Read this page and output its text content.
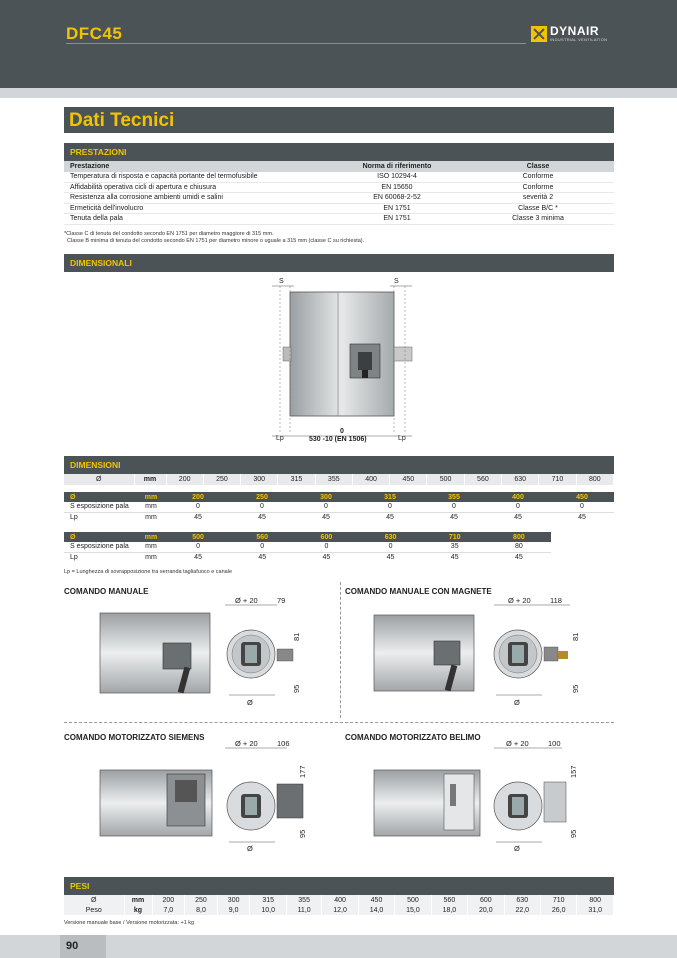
DFC45	DYNAIR
INDUSTRIAL VENTILATION
Dati Tecnici
PRESTAZIONI
Prestazione	Norma di riferimento	Classe
Temperatura di risposta e capacità portante del termofusibile	ISO 10294-4	Conforme
Affidabilità operativa cicli di apertura e chiusura	EN 15650	Conforme
Resistenza alla corrosione ambienti umidi e salini	EN 60068-2-52	severità 2
Ermeticità dell'involucro	EN 1751	Classe B/C *
Tenuta della pala	EN 1751	Classe 3 minima
*Classe C di tenuta del condotto secondo EN 1751 per diametro maggiore di 315 mm.
Classe B minima di tenuta del condotto secondo EN 1751 per diametro minore o uguale a 315 mm (classe C su richiesta).
DIMENSIONALI
S	S
Lp	Lp
0
530 -10 (EN 1506)
DIMENSIONI
Ø	mm	200	250	300	315	355	400	450	500	560	630	710	800
Ø	mm	200	250	300	315	355	400	450
S esposizione pala	mm	0	0	0	0	0	0	0
Lp	mm	45	45	45	45	45	45	45
Ø	mm	500	560	600	630	710	800
S esposizione pala	mm	0	0	0	0	35	80
Lp	mm	45	45	45	45	45	45
Lp = Lunghezza di sovrapposizione tra serranda tagliafuoco e canale
COMANDO MANUALE	COMANDO MANUALE CON MAGNETE
COMANDO MOTORIZZATO SIEMENS	COMANDO MOTORIZZATO BELIMO
Ø + 20	79
81
95
Ø
Ø + 20	118
81
95
Ø
Ø + 20	106
177
95
Ø
Ø + 20	100
157
95
Ø
PESI
Ø	mm	200	250	300	315	355	400	450	500	560	600	630	710	800
Peso	kg	7,0	8,0	9,0	10,0	11,0	12,0	14,0	15,0	18,0	20,0	22,0	26,0	31,0
Versione manuale base / Versione motorizzata: +1 kg
90
